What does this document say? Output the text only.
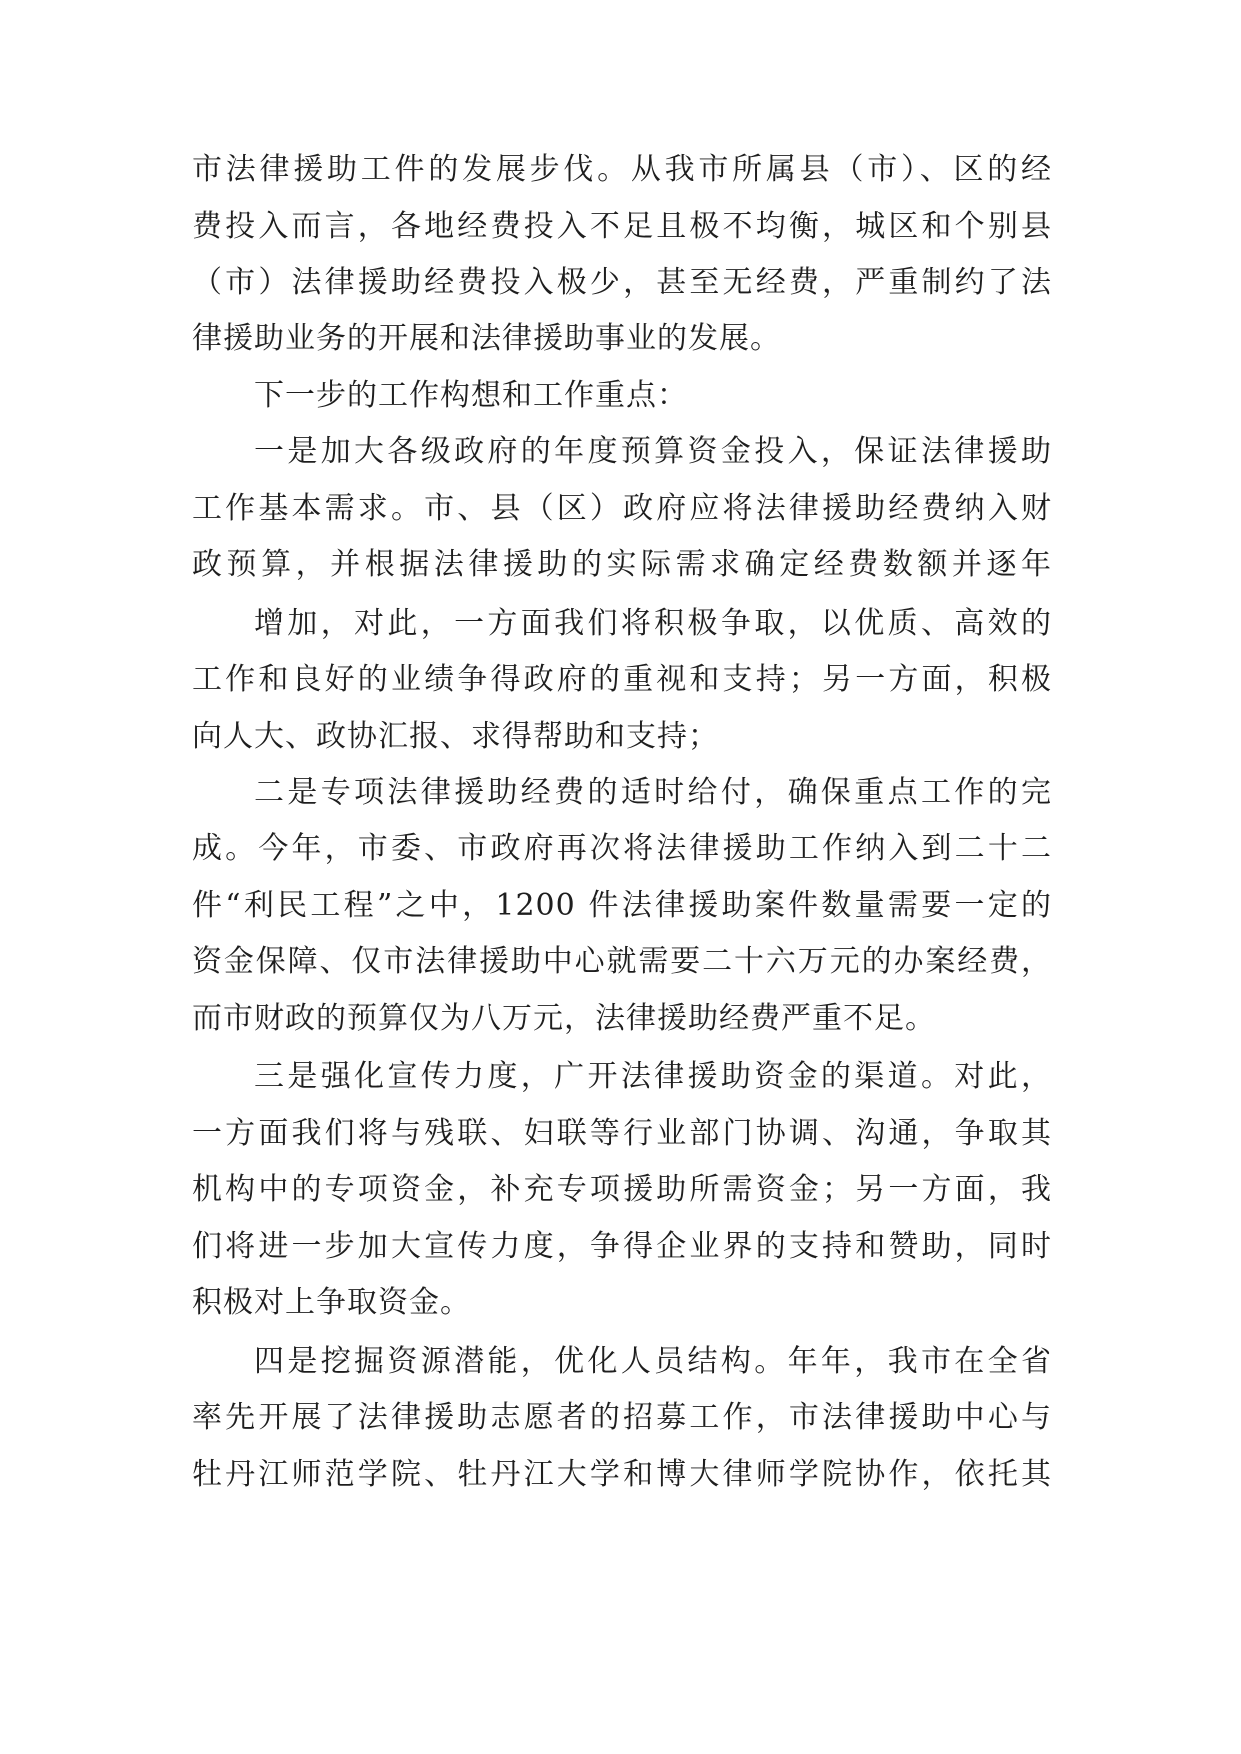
市法律援助工件的发展步伐。从我市所属县（市）、区的经
费投入而言，各地经费投入不足且极不均衡，城区和个别县
（市）法律援助经费投入极少，甚至无经费，严重制约了法
律援助业务的开展和法律援助事业的发展。
下一步的工作构想和工作重点：
一是加大各级政府的年度预算资金投入，保证法律援助
工作基本需求。市、县（区）政府应将法律援助经费纳入财
政预算，并根据法律援助的实际需求确定经费数额并逐年
增加，对此，一方面我们将积极争取，以优质、高效的
工作和良好的业绩争得政府的重视和支持；另一方面，积极
向人大、政协汇报、求得帮助和支持；
二是专项法律援助经费的适时给付，确保重点工作的完
成。今年，市委、市政府再次将法律援助工作纳入到二十二
件“利民工程”之中，1200 件法律援助案件数量需要一定的
资金保障、仅市法律援助中心就需要二十六万元的办案经费，
而市财政的预算仅为八万元，法律援助经费严重不足。
三是强化宣传力度，广开法律援助资金的渠道。对此，
一方面我们将与残联、妇联等行业部门协调、沟通，争取其
机构中的专项资金，补充专项援助所需资金；另一方面，我
们将进一步加大宣传力度，争得企业界的支持和赞助，同时
积极对上争取资金。
四是挖掘资源潜能，优化人员结构。年年，我市在全省
率先开展了法律援助志愿者的招募工作，市法律援助中心与
牡丹江师范学院、牡丹江大学和博大律师学院协作，依托其
